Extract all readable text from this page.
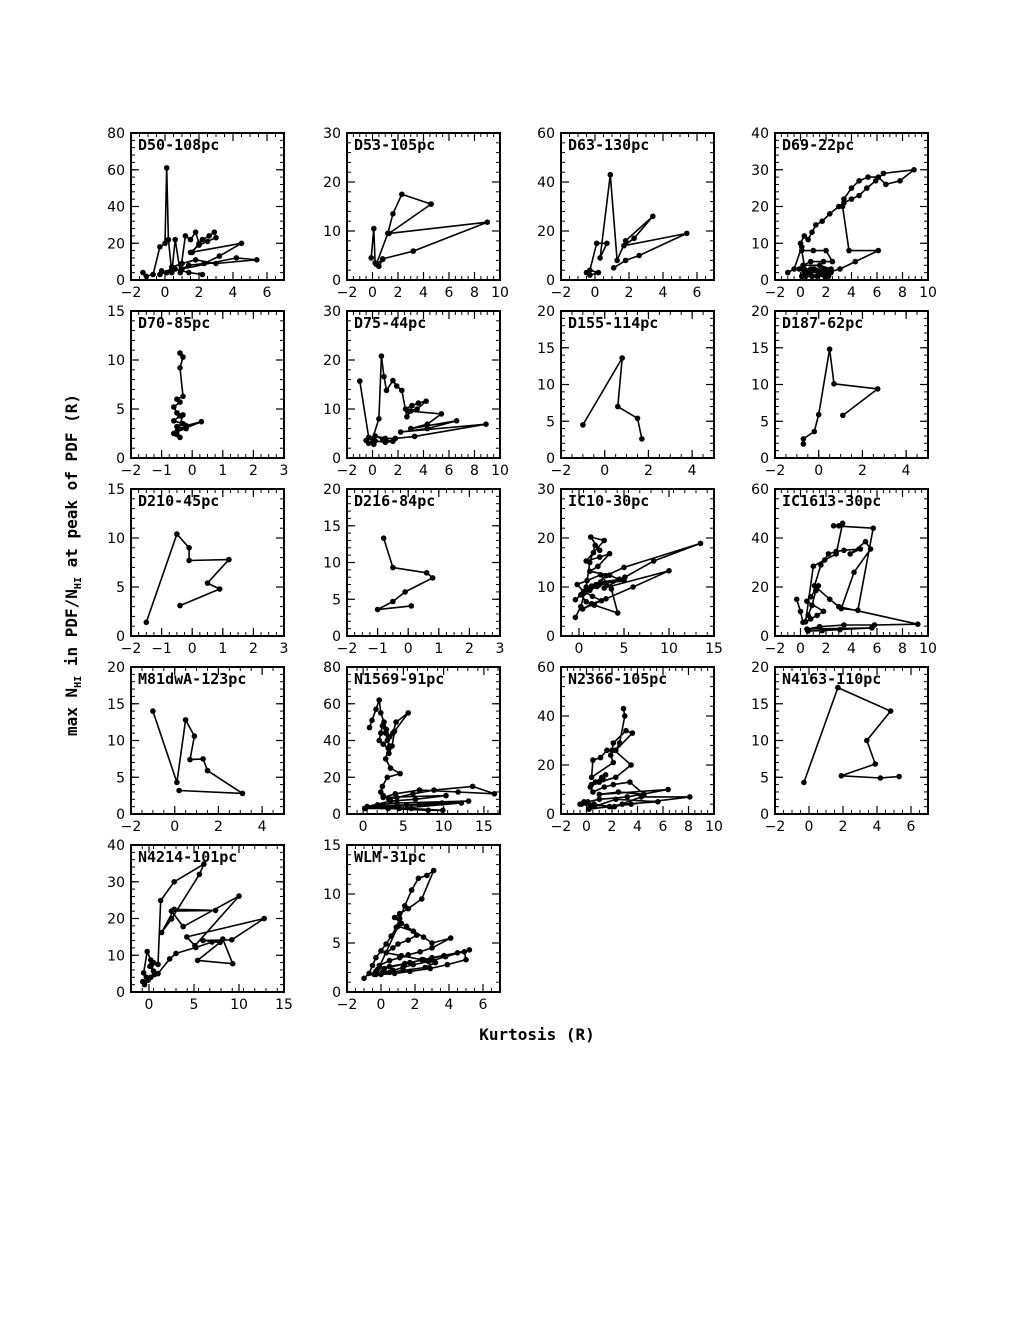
−2 0 2 4 6
0
20
40
60
80
D50-108pc
−2 0 2 4 6 8 10
0
10
20
30
D53-105pc
−2 0 2 4 6
0
20
40
60
D63-130pc
−2 0 2 4 6 8 10
0
10
20
30
40
D69-22pc
−2 −1 0 1 2 3
0
5
10
15
D70-85pc
−2 0 2 4 6 8 10
0
10
20
30
D75-44pc
−2 0 2 4
0
5
10
15
20
D155-114pc
−2 0 2 4
0
5
10
15
20
D187-62pc
−2 −1 0 1 2 3
0
5
10
15
D210-45pc
−2 −1 0 1 2 3
0
5
10
15
20
D216-84pc
0	5 10 15
0
10
20
30
IC10-30pc
−2 0 2 4 6 8 10
0
20
40
60
IC1613-30pc
−2 0 2 4
0
5
10
15
20
M81dwA-123pc
0 5 10 15
0
20
40
60
80
N1569-91pc
−2 0 2 4 6 8 10
0
20
40
60
N2366-105pc
−2 0 2 4 6
0
5
10
15
20
N4163-110pc
0	5 10 15
0
10
20
30
40
N4214-101pc
−2 0 2 4 6
0
5
10
15
WLM-31pc
Kurtosis (R)
$\max N_{HI}$ in PDF/$N_{HI}$ at peak of PDF (R)
